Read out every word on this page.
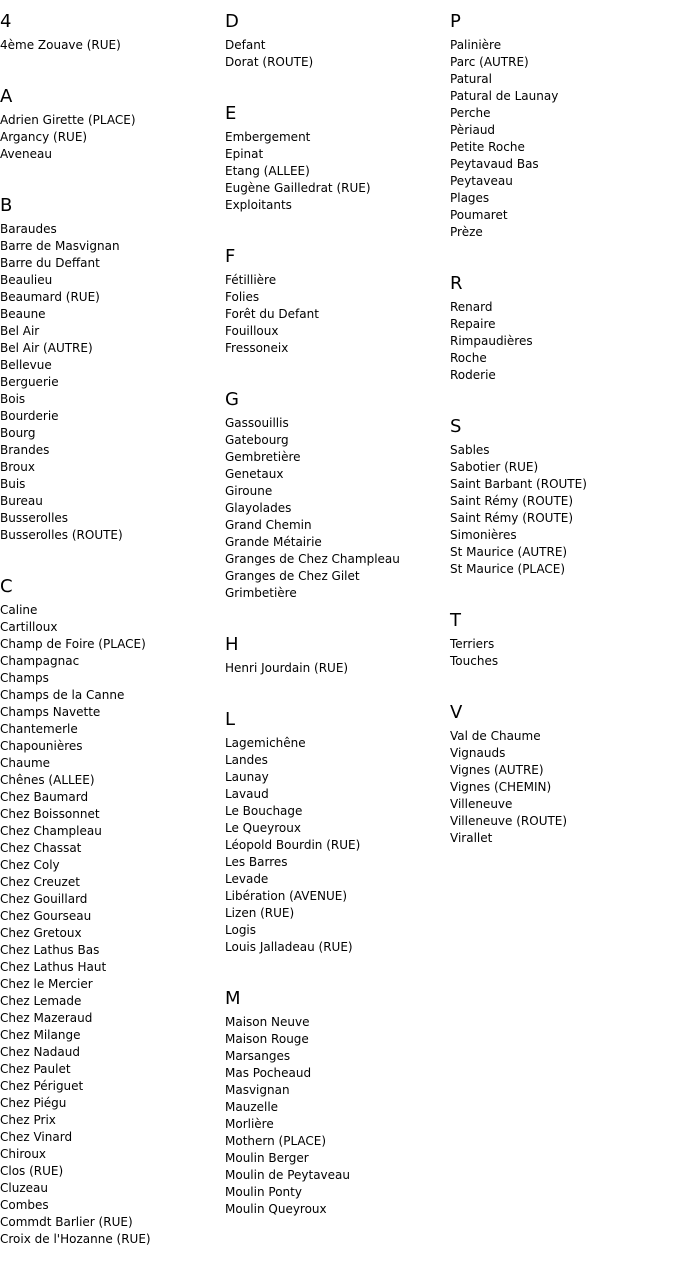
4
4ème Zouave (RUE)
A
Adrien Girette (PLACE)
Argancy (RUE)
Aveneau
B
Baraudes
Barre de Masvignan
Barre du Deffant
Beaulieu
Beaumard (RUE)
Beaune
Bel Air
Bel Air (AUTRE)
Bellevue
Berguerie
Bois
Bourderie
Bourg
Brandes
Broux
Buis
Bureau
Busserolles
Busserolles (ROUTE)
C
Caline
Cartilloux
Champ de Foire (PLACE)
Champagnac
Champs
Champs de la Canne
Champs Navette
Chantemerle
Chapounières
Chaume
Chênes (ALLEE)
Chez Baumard
Chez Boissonnet
Chez Champleau
Chez Chassat
Chez Coly
Chez Creuzet
Chez Gouillard
Chez Gourseau
Chez Gretoux
Chez Lathus Bas
Chez Lathus Haut
Chez le Mercier
Chez Lemade
Chez Mazeraud
Chez Milange
Chez Nadaud
Chez Paulet
Chez Périguet
Chez Piégu
Chez Prix
Chez Vinard
Chiroux
Clos (RUE)
Cluzeau
Combes
Commdt Barlier (RUE)
Croix de l'Hozanne (RUE)
D
Defant
Dorat (ROUTE)
E
Embergement
Epinat
Etang (ALLEE)
Eugène Gailledrat (RUE)
Exploitants
F
Fétillière
Folies
Forêt du Defant
Fouilloux
Fressoneix
G
Gassouillis
Gatebourg
Gembretière
Genetaux
Giroune
Glayolades
Grand Chemin
Grande Métairie
Granges de Chez Champleau
Granges de Chez Gilet
Grimbetière
H
Henri Jourdain (RUE)
L
Lagemichêne
Landes
Launay
Lavaud
Le Bouchage
Le Queyroux
Léopold Bourdin (RUE)
Les Barres
Levade
Libération (AVENUE)
Lizen (RUE)
Logis
Louis Jalladeau (RUE)
M
Maison Neuve
Maison Rouge
Marsanges
Mas Pocheaud
Masvignan
Mauzelle
Morlière
Mothern (PLACE)
Moulin Berger
Moulin de Peytaveau
Moulin Ponty
Moulin Queyroux
P
Palinière
Parc (AUTRE)
Patural
Patural de Launay
Perche
Pèriaud
Petite Roche
Peytavaud Bas
Peytaveau
Plages
Poumaret
Prèze
R
Renard
Repaire
Rimpaudières
Roche
Roderie
S
Sables
Sabotier (RUE)
Saint Barbant (ROUTE)
Saint Rémy (ROUTE)
Saint Rémy (ROUTE)
Simonières
St Maurice (AUTRE)
St Maurice (PLACE)
T
Terriers
Touches
V
Val de Chaume
Vignauds
Vignes (AUTRE)
Vignes (CHEMIN)
Villeneuve
Villeneuve (ROUTE)
Virallet
